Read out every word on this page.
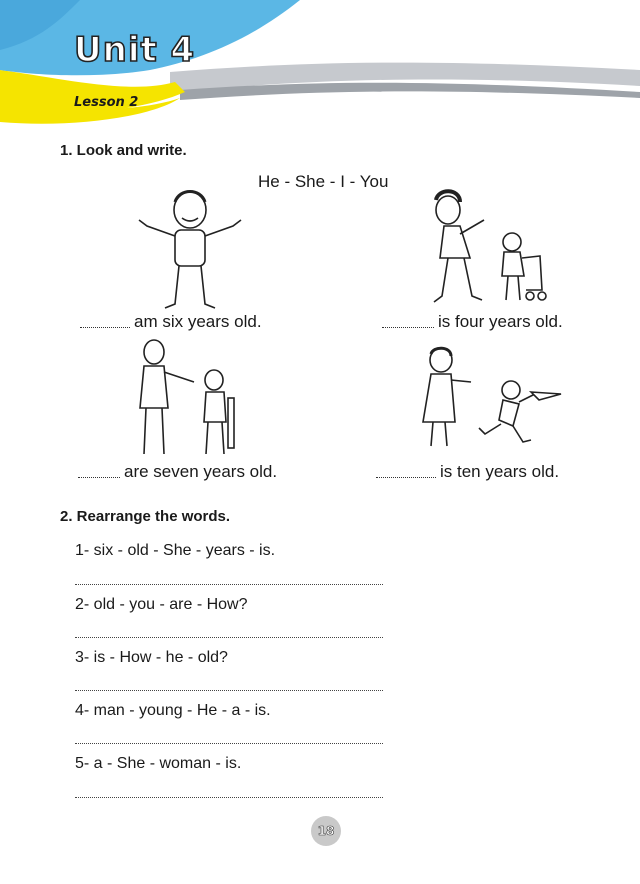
Unit 4
Lesson 2
1. Look and write.
He - She - I - You
am six years old.	is four years old.
are seven years old.	is ten years old.
2. Rearrange the words.
1- six - old - She - years - is.
2- old - you - are - How?
3- is - How - he - old?
4- man - young - He - a - is.
5- a - She - woman - is.
18
